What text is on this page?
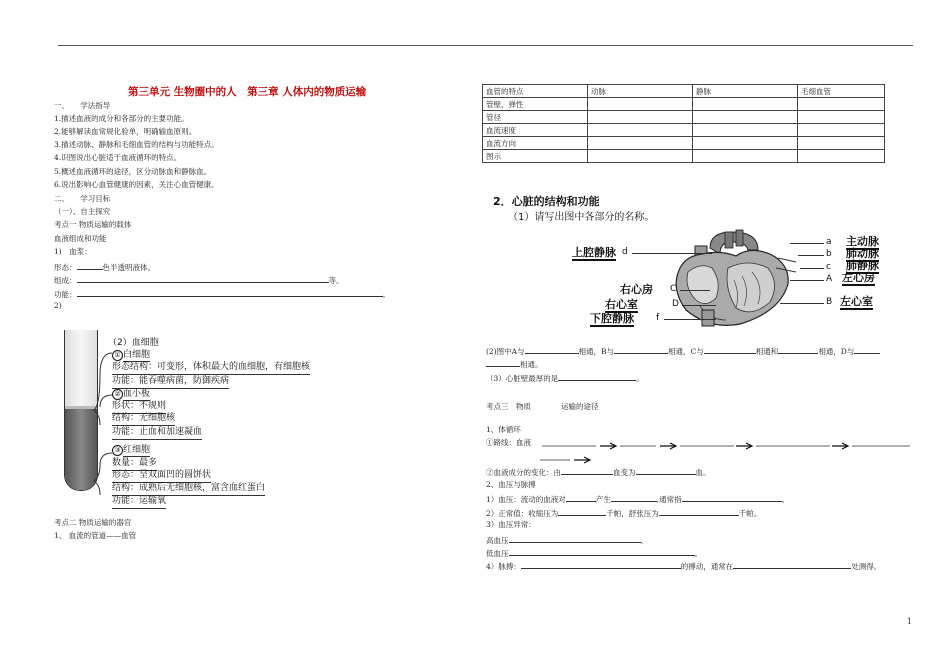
第三单元 生物圈中的人　第三章 人体内的物质运输
一、　　学法指导
1.描述血液的成分和各部分的主要功能。
2.能够解读血常规化验单，明确输血原则。
3.描述动脉、静脉和毛细血管的结构与功能特点。
4.识图说出心脏适于血液循环的特点。
5.概述血液循环的途径，区分动脉血和静脉血。
6.说出影响心血管健康的因素，关注心血管健康。
二、　　学习目标
（一）、自主探究
考点一 物质运输的载体
血液组成和功能
1)　血浆：
形态：	色半透明液体。
组成：	等。
功能：	。
2)
（2）血细胞
① 白细胞
形态结构：可变形，体积最大的血细胞，有细胞核
功能：能吞噬病菌，防御疾病
② 血小板
形状：不规则
结构：无细胞核
功能：止血和加速凝血
③ 红细胞
数量：最多
形态：呈双面凹的圆饼状
结构：成熟后无细胞核，富含血红蛋白
功能：运输氧
考点二 物质运输的器官
1、 血流的管道——血管
血管的特点	动脉	静脉	毛细血管
管壁、弹性			
管径			
血流速度			
血流方向			
图示			
2．心脏的结构和功能
（1）请写出图中各部分的名称。
上腔静脉 d
右心房 C
右心室	D
下腔静脉 f
a 主动脉
b 肺动脉
c 肺静脉
A 左心房
B 左心室
(2)图中A与	相通，B与	相通，C与	相通和	相通，D与
相通。
（3）心脏壁最厚的是	。
考点三　物质　　　　运输的途径
1、体循环
①路线：血液
②血液成分的变化：由	血变为	血。
2、血压与脉搏
1）血压：流动的血液对	产生	,通常指	。
2）正常值：收缩压为	千帕，舒张压为	千帕。
3）血压异常：
高血压	。
低血压	。
4）脉搏：	的搏动，通常在	处测得。
1
